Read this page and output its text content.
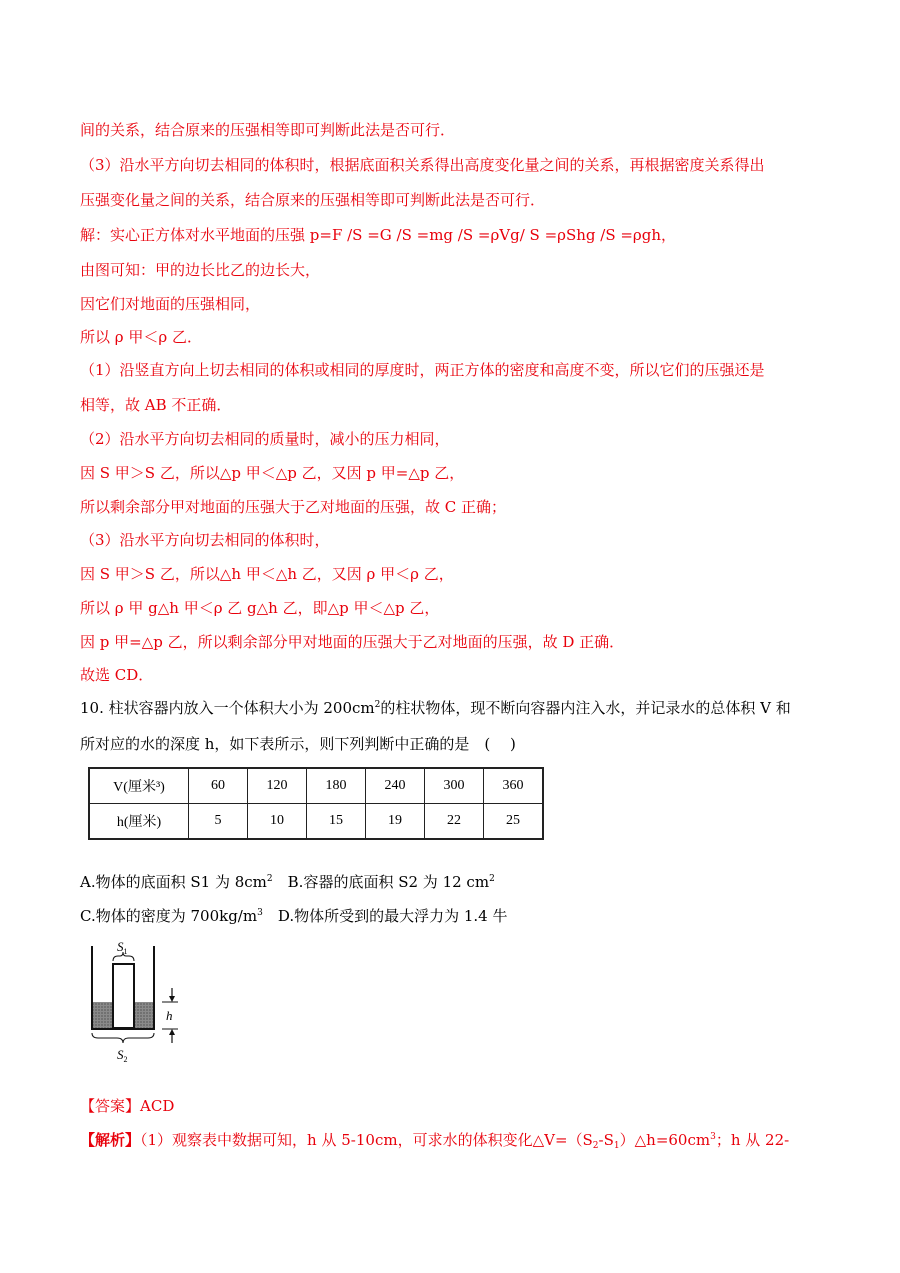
间的关系，结合原来的压强相等即可判断此法是否可行．
（3）沿水平方向切去相同的体积时，根据底面积关系得出高度变化量之间的关系，再根据密度关系得出
压强变化量之间的关系，结合原来的压强相等即可判断此法是否可行．
解：实心正方体对水平地面的压强 p=F /S =G /S =mg /S =ρVg/ S =ρShg /S =ρgh，
由图可知：甲的边长比乙的边长大，
因它们对地面的压强相同，
所以 ρ 甲＜ρ 乙．
（1）沿竖直方向上切去相同的体积或相同的厚度时，两正方体的密度和高度不变，所以它们的压强还是
相等，故 AB 不正确．
（2）沿水平方向切去相同的质量时，减小的压力相同，
因 S 甲＞S 乙，所以△p 甲＜△p 乙，又因 p 甲=△p 乙，
所以剩余部分甲对地面的压强大于乙对地面的压强，故 C 正确；
（3）沿水平方向切去相同的体积时，
因 S 甲＞S 乙，所以△h 甲＜△h 乙，又因 ρ 甲＜ρ 乙，
所以 ρ 甲 g△h 甲＜ρ 乙 g△h 乙，即△p 甲＜△p 乙，
因 p 甲=△p 乙，所以剩余部分甲对地面的压强大于乙对地面的压强，故 D 正确．
故选 CD．
10. 柱状容器内放入一个体积大小为 $200cm^2$的柱状物体，现不断向容器内注入水，并记录水的总体积 V 和
所对应的水的深度 h，如下表所示，则下列判断中正确的是　(　 )
V(厘米³)	60	120	180	240	300	360
h(厘米)	5	10	15	19	22	25
A.物体的底面积 S1 为 $8cm^2$　 B.容器的底面积 S2 为 12 $cm^2$
C.物体的密度为 $700kg/m^3$　 D.物体所受到的最大浮力为 1.4 牛
h
$S_1$
$S_2$
【答案】ACD
【解析】（1）观察表中数据可知，h 从 5-10cm，可求水的体积变化$\triangle V=(S_2-S_1)\triangle h=60cm^3$；h 从 22-
